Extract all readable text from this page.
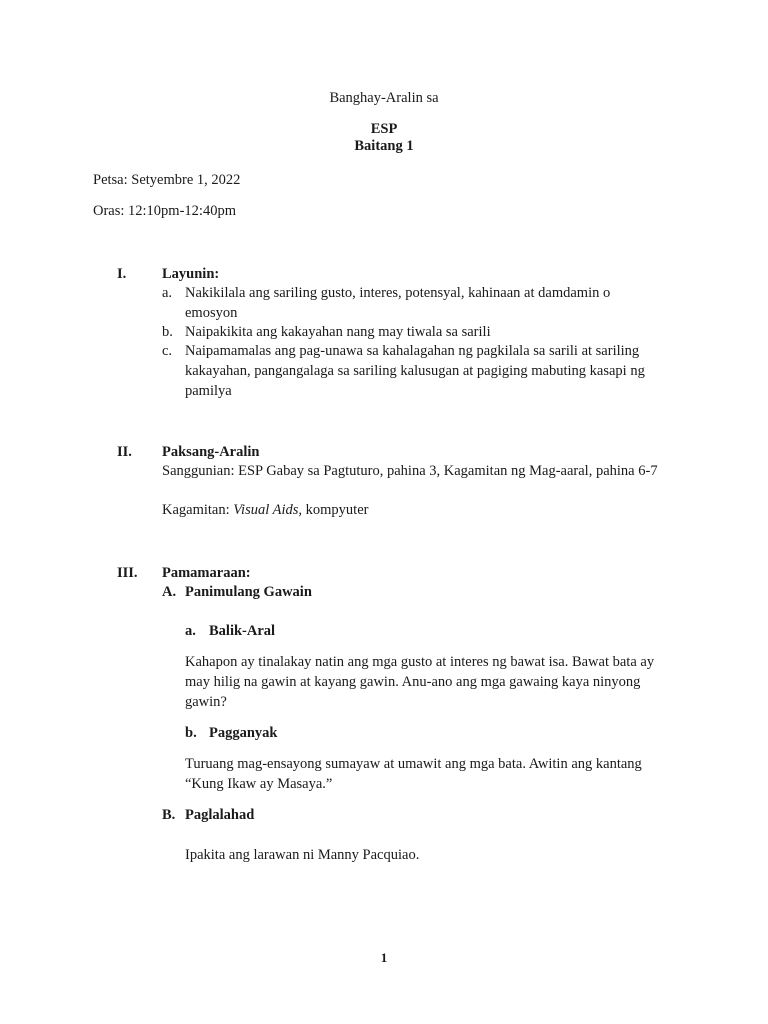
Banghay-Aralin sa
ESP
Baitang 1
Petsa: Setyembre 1, 2022
Oras: 12:10pm-12:40pm
I. Layunin:
a. Nakikilala ang sariling gusto, interes, potensyal, kahinaan at damdamin o emosyon
b. Naipakikita ang kakayahan nang may tiwala sa sarili
c. Naipamamalas ang pag-unawa sa kahalagahan ng pagkilala sa sarili at sariling kakayahan, pangangalaga sa sariling kalusugan at pagiging mabuting kasapi ng pamilya
II. Paksang-Aralin
Sanggunian: ESP Gabay sa Pagtuturo, pahina 3, Kagamitan ng Mag-aaral, pahina 6-7
Kagamitan: Visual Aids, kompyuter
III. Pamamaraan:
A. Panimulang Gawain
a. Balik-Aral
Kahapon ay tinalakay natin ang mga gusto at interes ng bawat isa. Bawat bata ay may hilig na gawin at kayang gawin. Anu-ano ang mga gawaing kaya ninyong gawin?
b. Pagganyak
Turuang mag-ensayong sumayaw at umawit ang mga bata. Awitin ang kantang “Kung Ikaw ay Masaya.”
B. Paglalahad
Ipakita ang larawan ni Manny Pacquiao.
1
